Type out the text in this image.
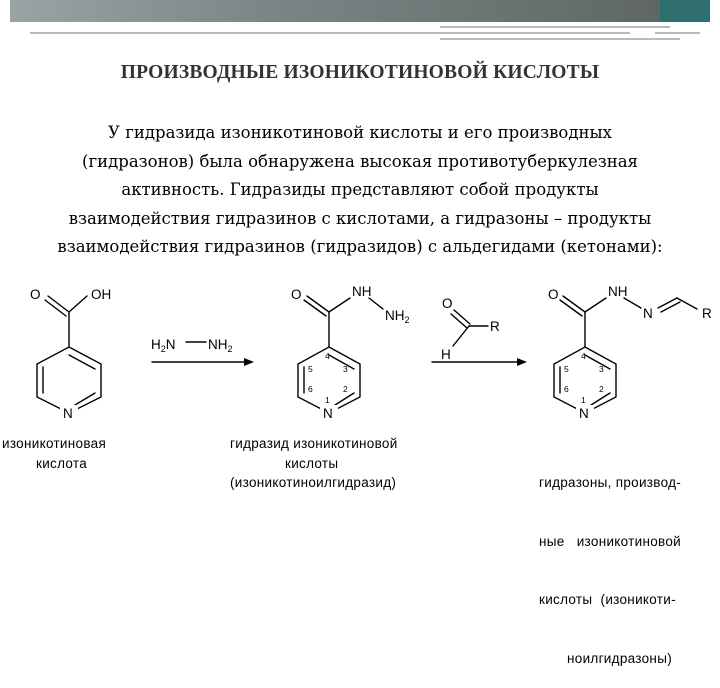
ПРОИЗВОДНЫЕ ИЗОНИКОТИНОВОЙ КИСЛОТЫ
У гидразида изоникотиновой кислоты и его производных
(гидразонов) была обнаружена высокая противотуберкулезная
активность. Гидразиды представляют собой продукты
взаимодействия гидразинов с кислотами, а гидразоны – продукты
взаимодействия гидразинов (гидразидов) с альдегидами (кетонами):
O	OH
N
$H_2N$ $NH_2$
O	NH
$NH_2$
N
O
R
H
O	NH
N	R
N
4
3
2
1
6
5
4
3
2
1
6
5
изоникотиновая
кислота
гидразид изоникотиновой
кислоты
(изоникотиноилгидразид)

	гидразоны, производ-

ные   изоникотиновой

кислоты  (изоникоти-

ноилгидразоны)
